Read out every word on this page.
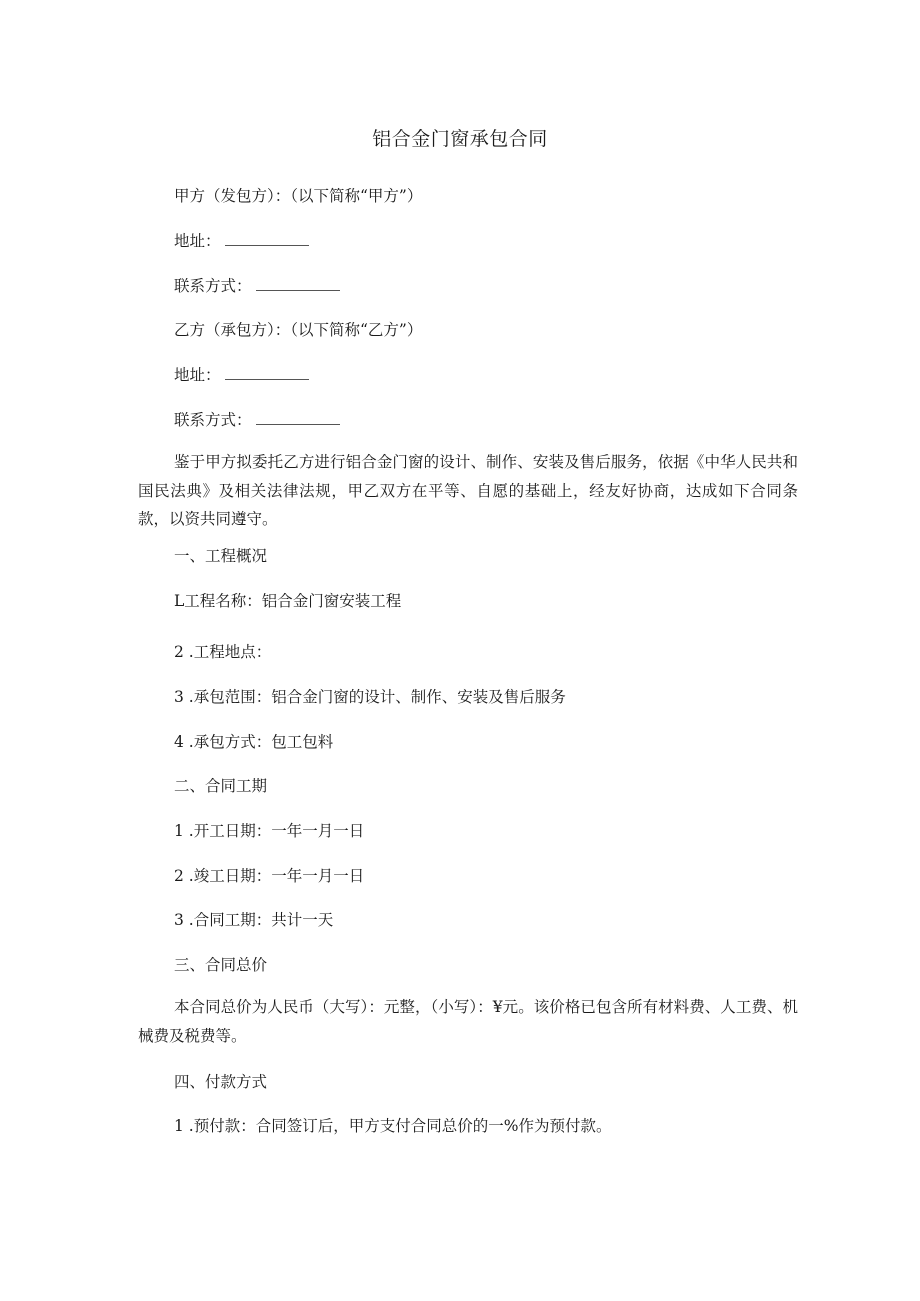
铝合金门窗承包合同
甲方（发包方）：（以下简称“甲方”）
地址：
联系方式：
乙方（承包方）：（以下简称“乙方”）
地址：
联系方式：
鉴于甲方拟委托乙方进行铝合金门窗的设计、制作、安装及售后服务，依据《中华人民共和国民法典》及相关法律法规，甲乙双方在平等、自愿的基础上，经友好协商，达成如下合同条款，以资共同遵守。
一、工程概况
L工程名称：铝合金门窗安装工程
2 .工程地点：
3 .承包范围：铝合金门窗的设计、制作、安装及售后服务
4 .承包方式：包工包料
二、合同工期
1 .开工日期：一年一月一日
2 .竣工日期：一年一月一日
3 .合同工期：共计一天
三、合同总价
本合同总价为人民币（大写）：元整，（小写）：¥元。该价格已包含所有材料费、人工费、机械费及税费等。
四、付款方式
1 .预付款：合同签订后，甲方支付合同总价的一%作为预付款。
